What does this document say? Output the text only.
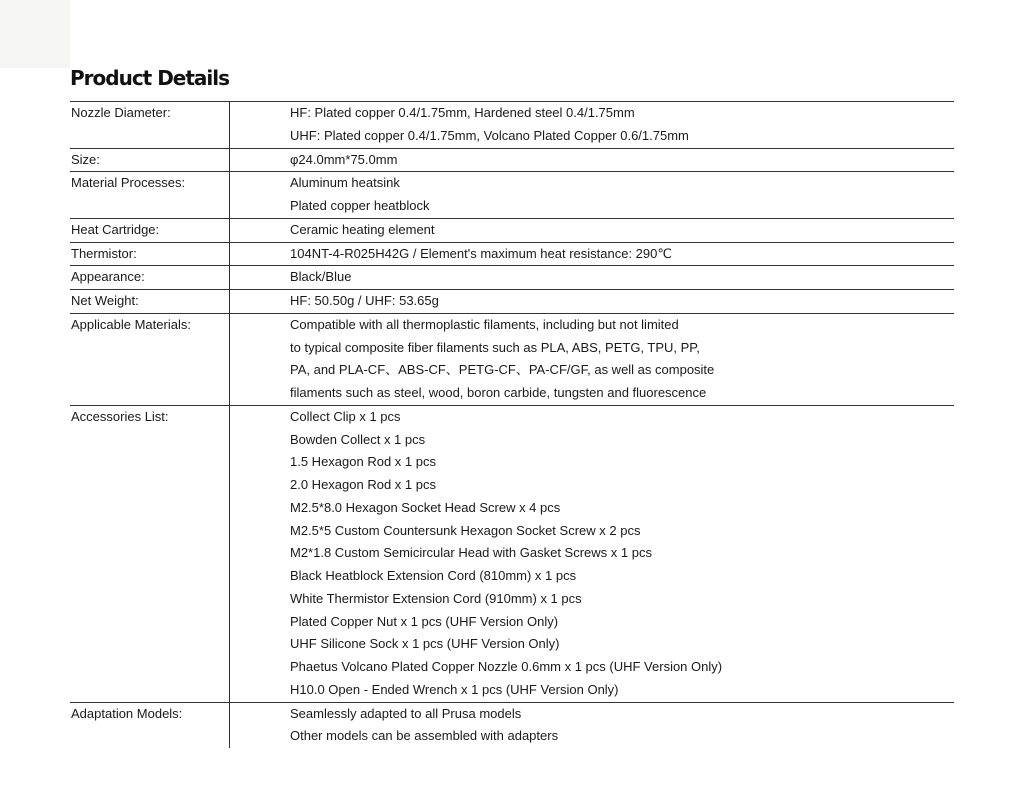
Product Details
Nozzle Diameter:	HF: Plated copper 0.4/1.75mm, Hardened steel 0.4/1.75mm
UHF: Plated copper 0.4/1.75mm, Volcano Plated Copper 0.6/1.75mm
Size:	φ24.0mm*75.0mm
Material Processes:	Aluminum heatsink
Plated copper heatblock
Heat Cartridge:	Ceramic heating element
Thermistor:	104NT-4-R025H42G / Element's maximum heat resistance: 290℃
Appearance:	Black/Blue
Net Weight:	HF: 50.50g / UHF: 53.65g
Applicable Materials:	Compatible with all thermoplastic filaments, including but not limited
to typical composite fiber filaments such as PLA, ABS, PETG, TPU, PP,
PA, and PLA-CF、ABS-CF、PETG-CF、PA-CF/GF, as well as composite
filaments such as steel, wood, boron carbide, tungsten and fluorescence
Accessories List:	Collect Clip x 1 pcs
Bowden Collect x 1 pcs
1.5 Hexagon Rod x 1 pcs
2.0 Hexagon Rod x 1 pcs
M2.5*8.0 Hexagon Socket Head Screw x 4 pcs
M2.5*5 Custom Countersunk Hexagon Socket Screw x 2 pcs
M2*1.8 Custom Semicircular Head with Gasket Screws x 1 pcs
Black Heatblock Extension Cord (810mm) x 1 pcs
White Thermistor Extension Cord (910mm) x 1 pcs
Plated Copper Nut x 1 pcs (UHF Version Only)
UHF Silicone Sock x 1 pcs (UHF Version Only)
Phaetus Volcano Plated Copper Nozzle 0.6mm x 1 pcs (UHF Version Only)
H10.0 Open - Ended Wrench x 1 pcs (UHF Version Only)
Adaptation Models:	Seamlessly adapted to all Prusa models
Other models can be assembled with adapters
